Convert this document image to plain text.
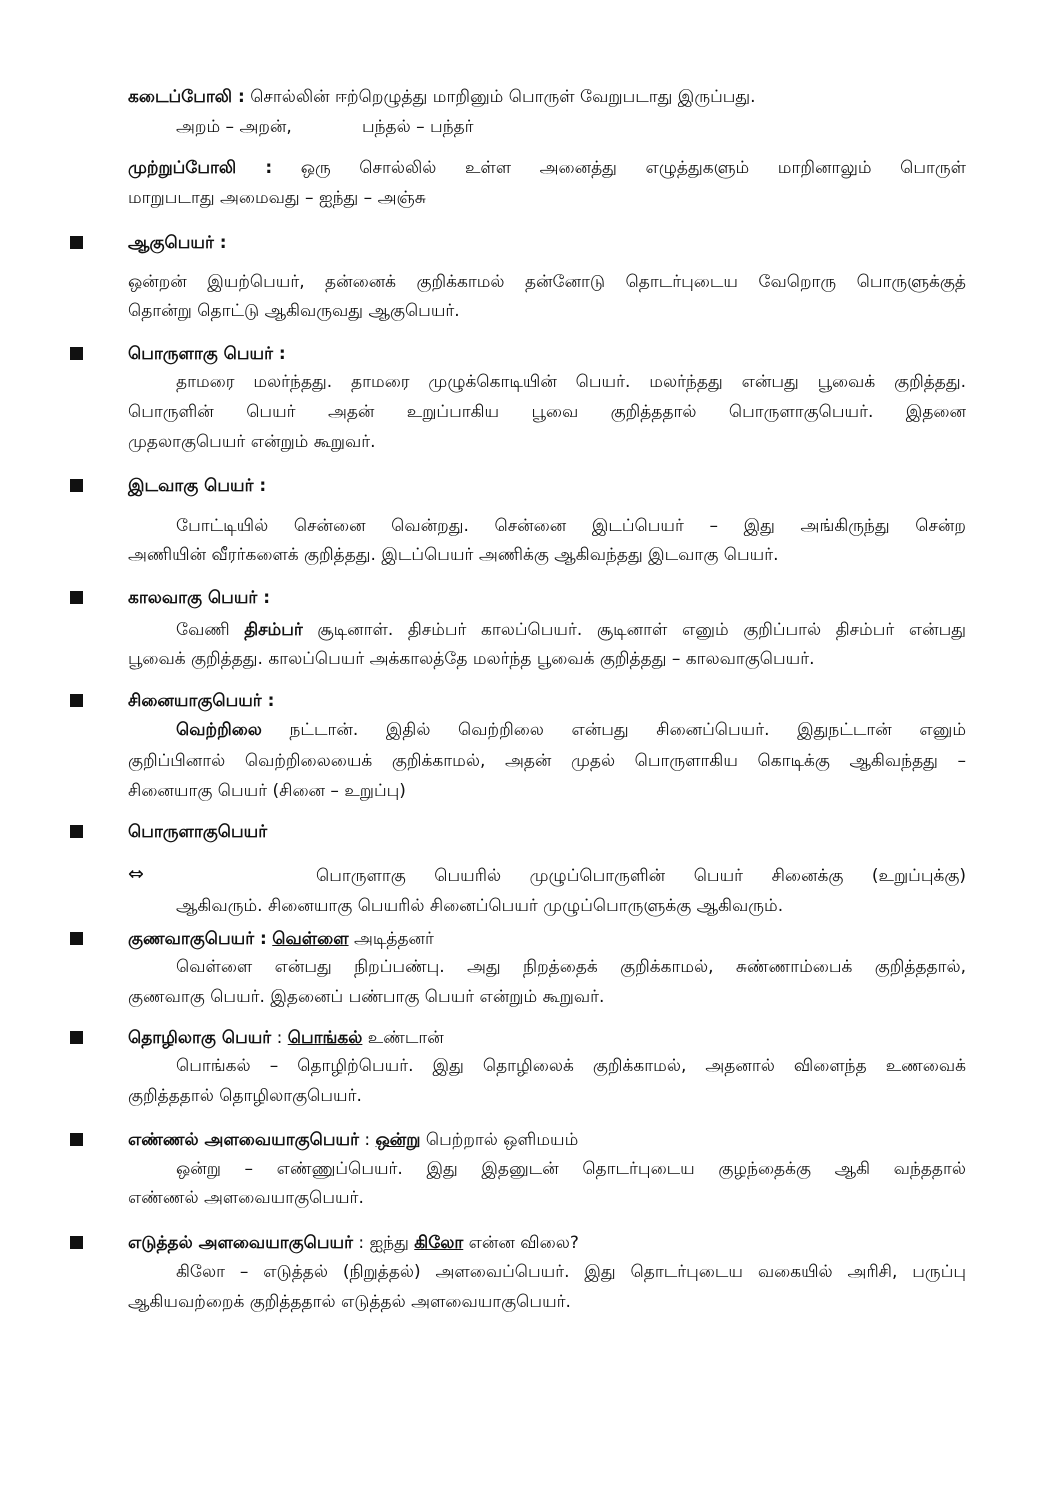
கடைப்போலி : சொல்லின் ஈற்றெழுத்து மாறினும் பொருள் வேறுபடாது இருப்பது.
அறம் – அறன்,	பந்தல் – பந்தர்
முற்றுப்போலி : ஒரு சொல்லில் உள்ள அனைத்து எழுத்துகளும் மாறினாலும் பொருள்
மாறுபடாது அமைவது – ஐந்து – அஞ்சு
ஆகுபெயர் :
ஒன்றன் இயற்பெயர், தன்னைக் குறிக்காமல் தன்னோடு தொடர்புடைய வேறொரு பொருளுக்குத்
தொன்று தொட்டு ஆகிவருவது ஆகுபெயர்.
பொருளாகு பெயர் :
தாமரை மலர்ந்தது. தாமரை முழுக்கொடியின் பெயர். மலர்ந்தது என்பது பூவைக் குறித்தது.
பொருளின் பெயர் அதன் உறுப்பாகிய பூவை குறித்ததால் பொருளாகுபெயர். இதனை
முதலாகுபெயர் என்றும் கூறுவர்.
இடவாகு பெயர் :
போட்டியில் சென்னை வென்றது. சென்னை இடப்பெயர் – இது அங்கிருந்து சென்ற
அணியின் வீரர்களைக் குறித்தது. இடப்பெயர் அணிக்கு ஆகிவந்தது இடவாகு பெயர்.
காலவாகு பெயர் :
வேணி திசம்பர் சூடினாள். திசம்பர் காலப்பெயர். சூடினாள் எனும் குறிப்பால் திசம்பர் என்பது
பூவைக் குறித்தது. காலப்பெயர் அக்காலத்தே மலர்ந்த பூவைக் குறித்தது – காலவாகுபெயர்.
சினையாகுபெயர் :
வெற்றிலை நட்டான். இதில் வெற்றிலை என்பது சினைப்பெயர். இதுநட்டான் எனும்
குறிப்பினால் வெற்றிலையைக் குறிக்காமல், அதன் முதல் பொருளாகிய கொடிக்கு ஆகிவந்தது –
சினையாகு பெயர் (சினை – உறுப்பு)
பொருளாகுபெயர்
⇔	பொருளாகு பெயரில் முழுப்பொருளின் பெயர் சினைக்கு (உறுப்புக்கு)
ஆகிவரும். சினையாகு பெயரில் சினைப்பெயர் முழுப்பொருளுக்கு ஆகிவரும்.
குணவாகுபெயர் : வெள்ளை அடித்தனர்
வெள்ளை என்பது நிறப்பண்பு. அது நிறத்தைக் குறிக்காமல், சுண்ணாம்பைக் குறித்ததால்,
குணவாகு பெயர். இதனைப் பண்பாகு பெயர் என்றும் கூறுவர்.
தொழிலாகு பெயர் : பொங்கல் உண்டான்
பொங்கல் – தொழிற்பெயர். இது தொழிலைக் குறிக்காமல், அதனால் விளைந்த உணவைக்
குறித்ததால் தொழிலாகுபெயர்.
எண்ணல் அளவையாகுபெயர் : ஒன்று பெற்றால் ஒளிமயம்
ஒன்று – எண்ணுப்பெயர். இது இதனுடன் தொடர்புடைய குழந்தைக்கு ஆகி வந்ததால்
எண்ணல் அளவையாகுபெயர்.
எடுத்தல் அளவையாகுபெயர் : ஐந்து கிலோ என்ன விலை?
கிலோ – எடுத்தல் (நிறுத்தல்) அளவைப்பெயர். இது தொடர்புடைய வகையில் அரிசி, பருப்பு
ஆகியவற்றைக் குறித்ததால் எடுத்தல் அளவையாகுபெயர்.
